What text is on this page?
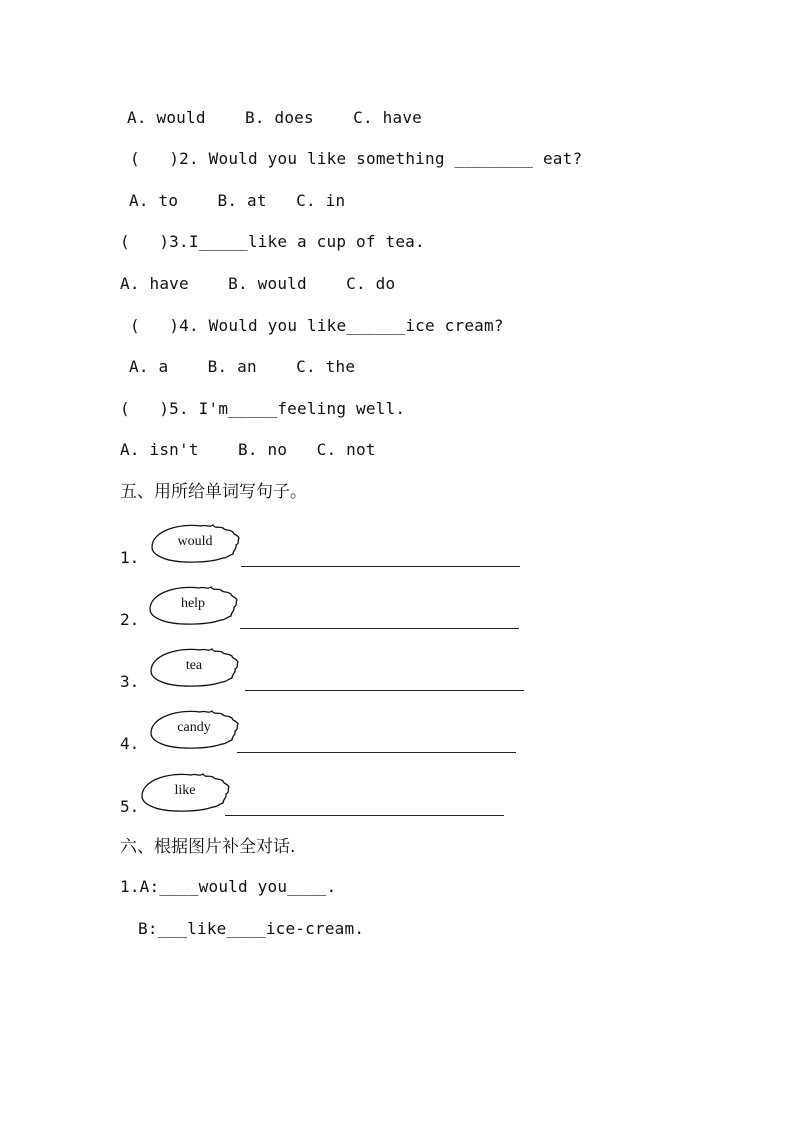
A. would    B. does    C. have
(   )2. Would you like something ________ eat?
A. to    B. at   C. in
(   )3.I_____like a cup of tea.
A. have    B. would    C. do
(   )4. Would you like______ice cream?
A. a    B. an    C. the
(   )5. I'm_____feeling well.
A. isn't    B. no   C. not
五、用所给单词写句子。
1.
would
2.
help
3.
tea
4.
candy
5.
like
六、根据图片补全对话.
1.A:____would you____.
B:___like____ice-cream.
